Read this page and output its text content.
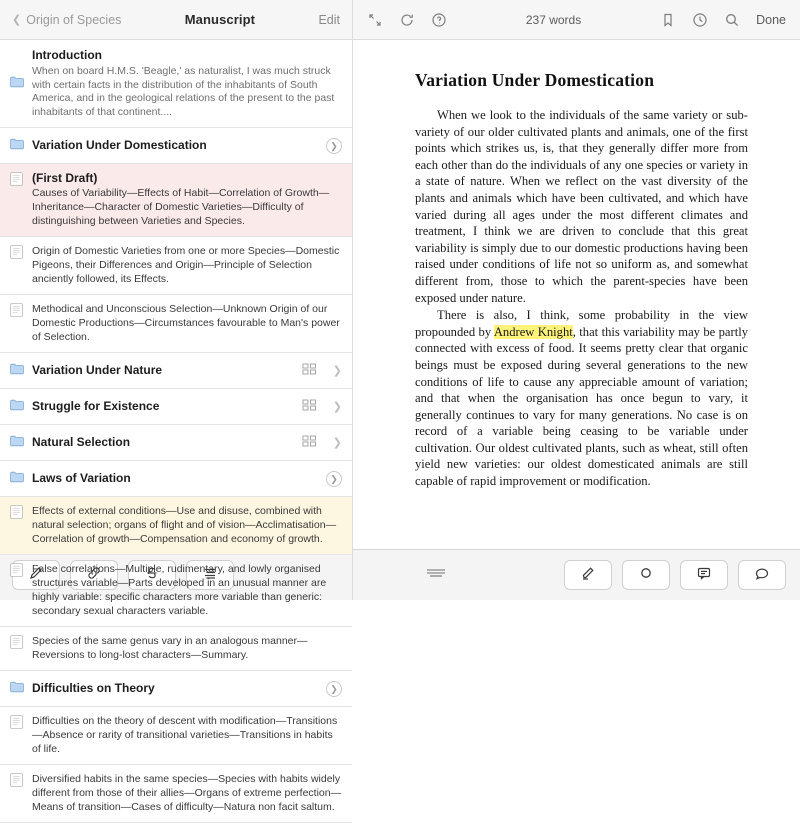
❮ Origin of Species	Manuscript	Edit	237 words	Done
Introduction
When on board H.M.S. 'Beagle,' as naturalist, I was much struck with certain facts in the distribution of the inhabitants of South America, and in the geological relations of the present to the past inhabitants of that continent....
Variation Under Domestication	❯
(First Draft)
Causes of Variability—Effects of Habit—Correlation of Growth—Inheritance—Character of Domestic Varieties—Difficulty of distinguishing between Varieties and Species.
Origin of Domestic Varieties from one or more Species—Domestic Pigeons, their Differences and Origin—Principle of Selection anciently followed, its Effects.
Methodical and Unconscious Selection—Unknown Origin of our Domestic Productions—Circumstances favourable to Man's power of Selection.
Variation Under Nature	❯
Struggle for Existence	❯
Natural Selection	❯
Laws of Variation	❯
Effects of external conditions—Use and disuse, combined with natural selection; organs of flight and of vision—Acclimatisation—Correlation of growth—Compensation and economy of growth.
False correlations—Multiple, rudimentary, and lowly organised structures variable—Parts developed in an unusual manner are highly variable: specific characters more variable than generic: secondary sexual characters variable.
Species of the same genus vary in an analogous manner—Reversions to long-lost characters—Summary.
Difficulties on Theory	❯
Difficulties on the theory of descent with modification—Transitions—Absence or rarity of transitional varieties—Transitions in habits of life.
Diversified habits in the same species—Species with habits widely different from those of their allies—Organs of extreme perfection—Means of transition—Cases of difficulty—Natura non facit saltum.
Variation Under Domestication

When we look to the individuals of the same variety or sub-variety of our older cultivated plants and animals, one of the first points which strikes us, is, that they generally differ more from each other than do the individuals of any one species or variety in a state of nature. When we reflect on the vast diversity of the plants and animals which have been cultivated, and which have varied during all ages under the most different climates and treatment, I think we are driven to conclude that this great variability is simply due to our domestic productions having been raised under conditions of life not so uniform as, and somewhat different from, those to which the parent-species have been exposed under nature.

There is also, I think, some probability in the view propounded by Andrew Knight, that this variability may be partly connected with excess of food. It seems pretty clear that organic beings must be exposed during several generations to the new conditions of life to cause any appreciable amount of variation; and that when the organisation has once begun to vary, it generally continues to vary for many generations. No case is on record of a variable being ceasing to be variable under cultivation. Our oldest cultivated plants, such as wheat, still often yield new varieties: our oldest domesticated animals are still capable of rapid improvement or modification.
